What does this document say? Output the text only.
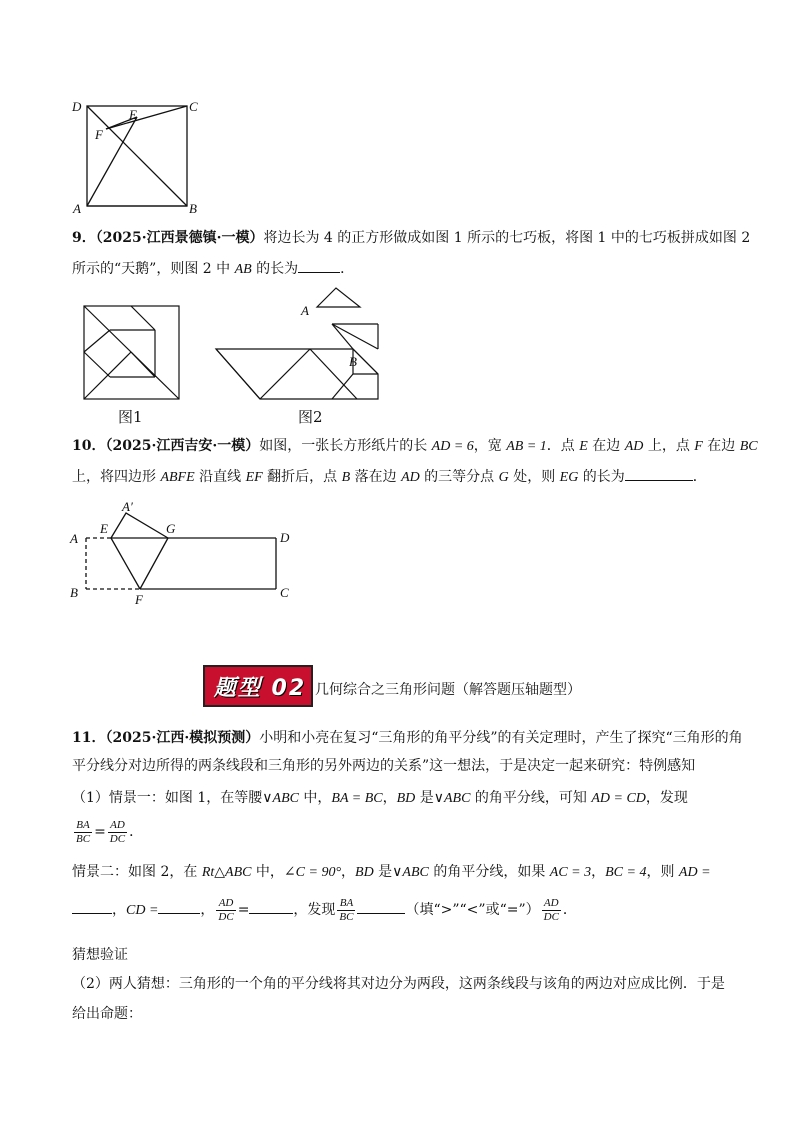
D	C
E
F
A	B
9．（2025·江西景德镇·一模）将边长为 4 的正方形做成如图 1 所示的七巧板，将图 1 中的七巧板拼成如图 2
所示的“天鹅”，则图 2 中 AB 的长为	．
图1
A
B
图2
10．（2025·江西吉安·一模）如图，一张长方形纸片的长 AD = 6，宽 AB = 1．点 E 在边 AD 上，点 F 在边 BC
上，将四边形 ABFE 沿直线 EF 翻折后，点 B 落在边 AD 的三等分点 G 处，则 EG 的长为	．
A′
E	G
D
A
B	F	C
题型 02 几何综合之三角形问题（解答题压轴题型）
11．（2025·江西·模拟预测）小明和小亮在复习“三角形的角平分线”的有关定理时，产生了探究“三角形的角
平分线分对边所得的两条线段和三角形的另外两边的关系”这一想法，于是决定一起来研究：特例感知
（1）情景一：如图 1，在等腰∨ABC 中，BA = BC，BD 是∨ABC 的角平分线，可知 AD = CD，发现
$\frac{BA}{BC} = \frac{AD}{DC}$ ．
情景二：如图 2，在 Rt△ABC 中，∠C = 90°，BD 是∨ABC 的角平分线，如果 AC = 3，BC = 4，则 AD =
，CD =	， $\frac{AD}{DC}$ =	，发现 $\frac{BA}{BC}$	（填“>”“<”或“=”） $\frac{AD}{DC}$ ．
猜想验证
（2）两人猜想：三角形的一个角的平分线将其对边分为两段，这两条线段与该角的两边对应成比例．于是
给出命题：
